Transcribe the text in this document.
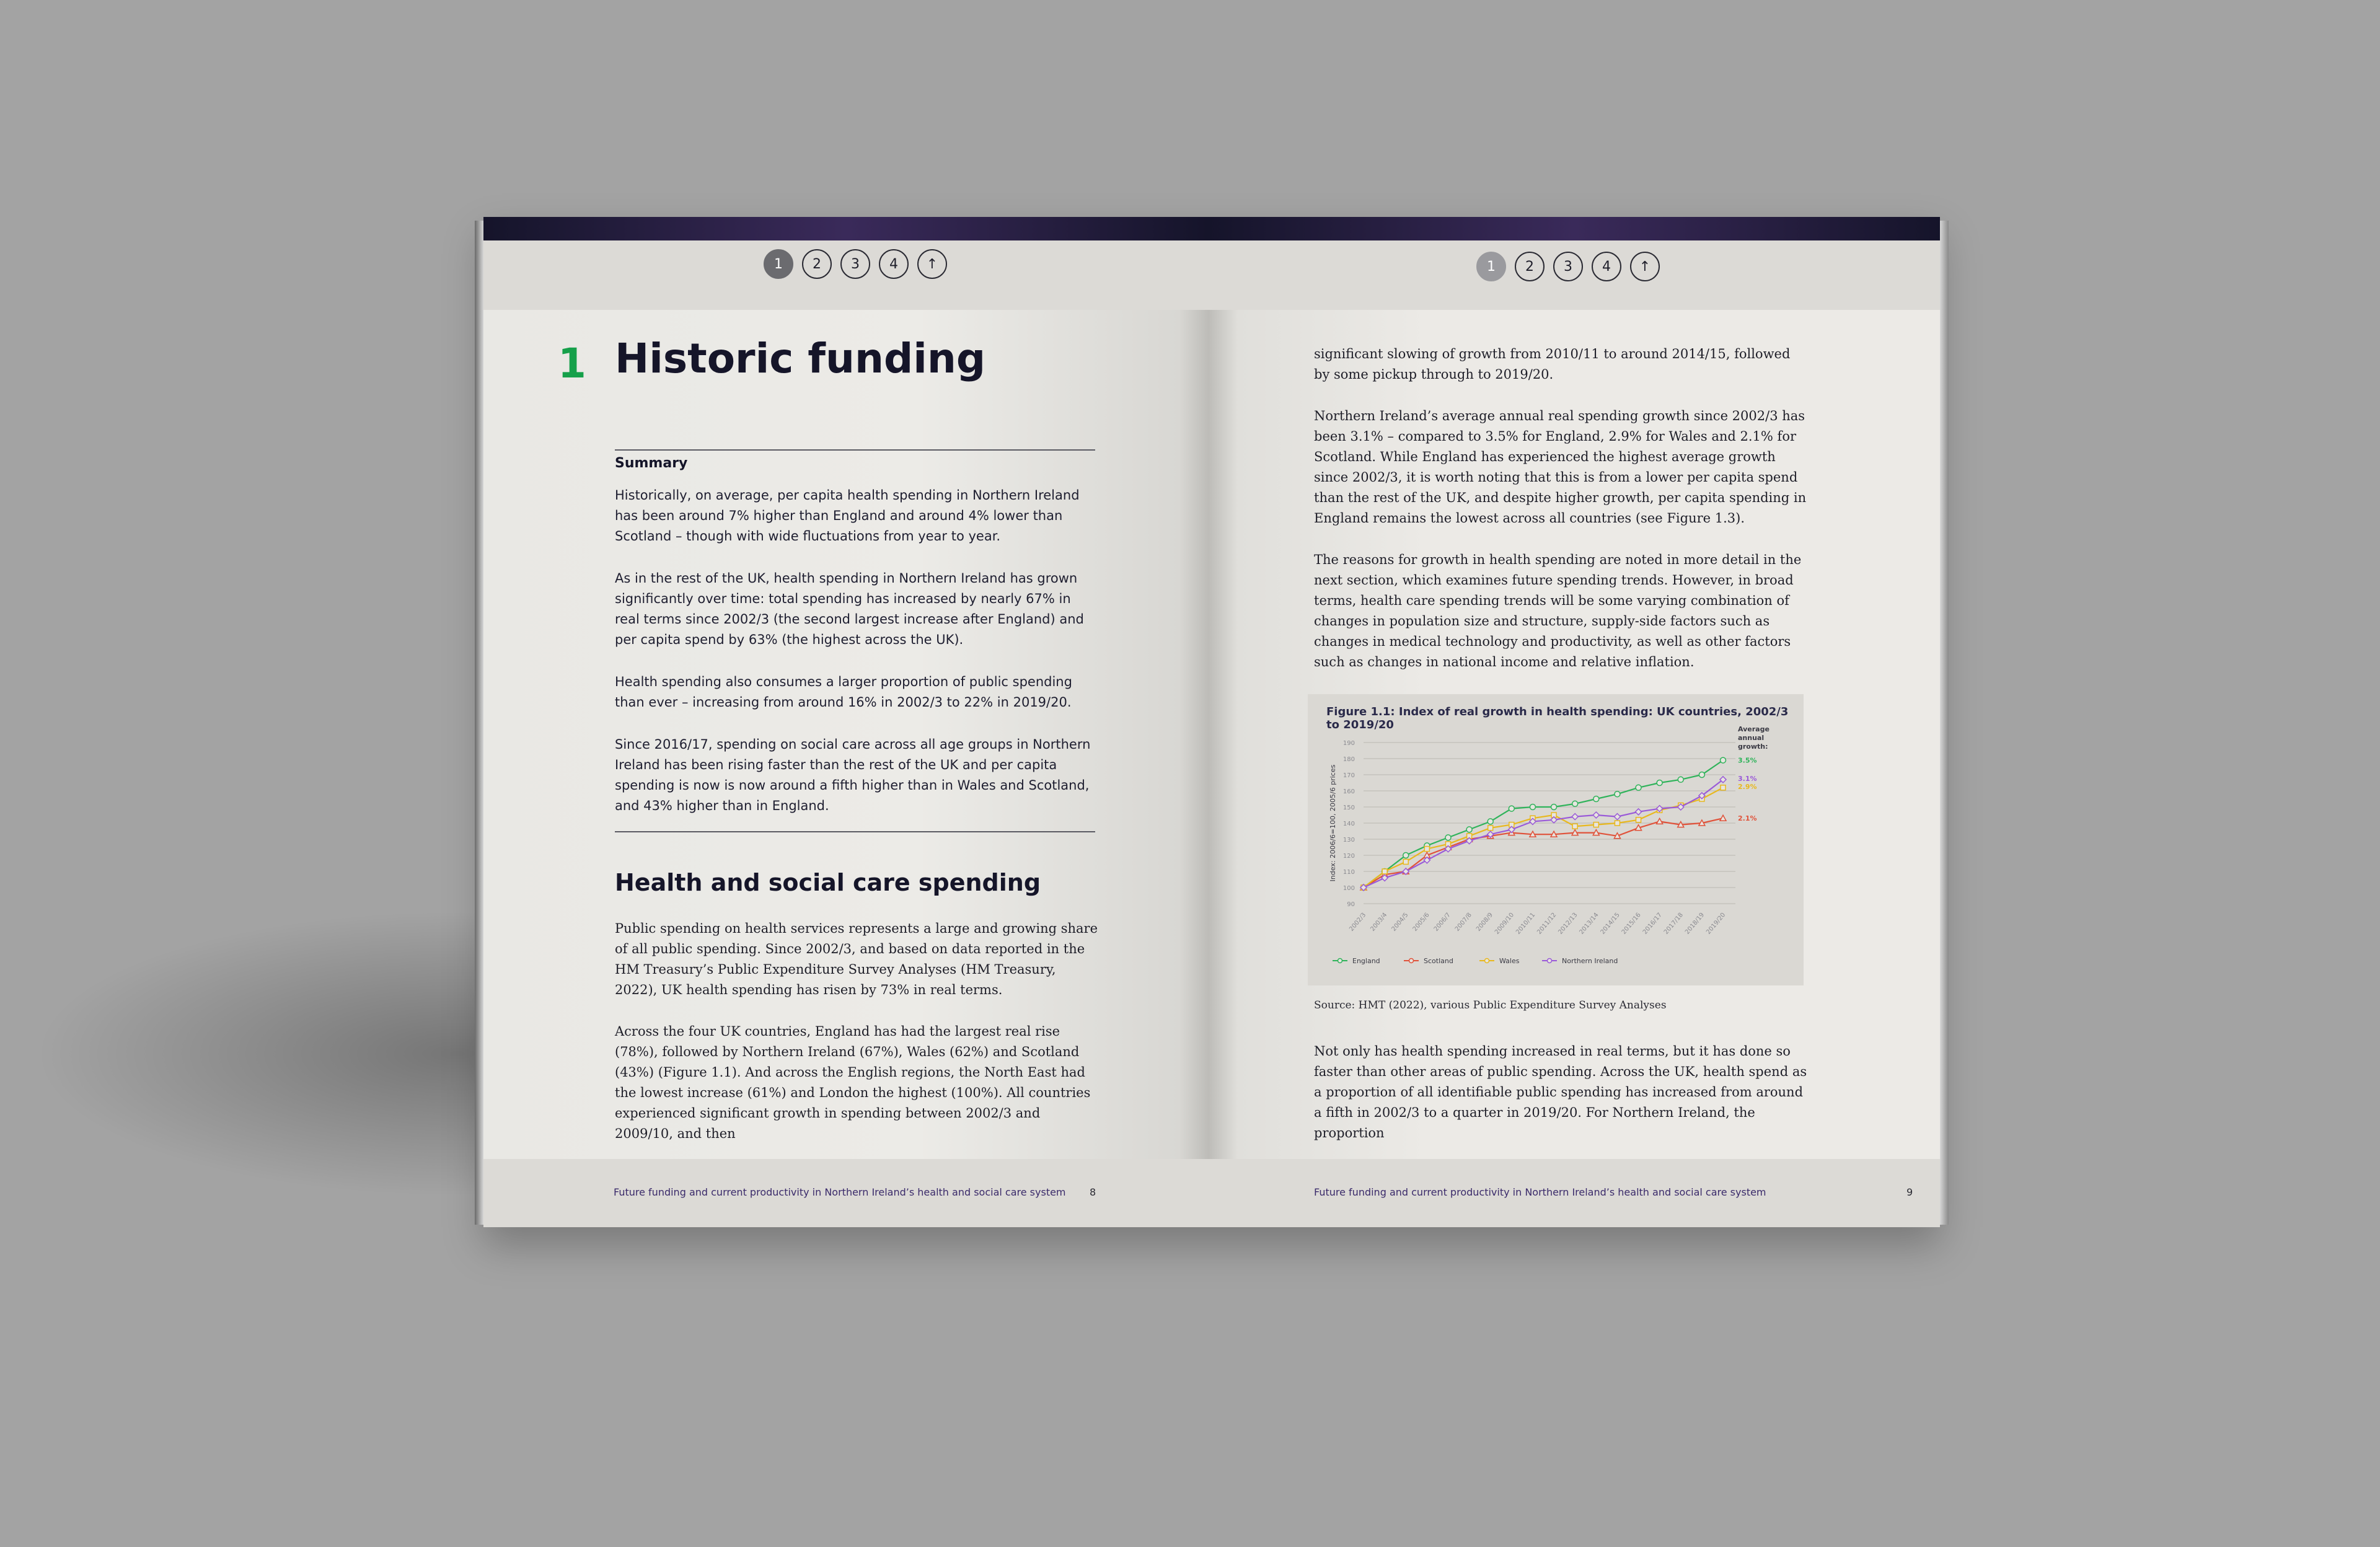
1	2	3	4	↑
1 Historic funding
Summary
Historically, on average, per capita health spending in Northern Ireland has been around 7% higher than England and around 4% lower than Scotland – though with wide fluctuations from year to year.
As in the rest of the UK, health spending in Northern Ireland has grown significantly over time: total spending has increased by nearly 67% in real terms since 2002/3 (the second largest increase after England) and per capita spend by 63% (the highest across the UK).
Health spending also consumes a larger proportion of public spending than ever – increasing from around 16% in 2002/3 to 22% in 2019/20.
Since 2016/17, spending on social care across all age groups in Northern Ireland has been rising faster than the rest of the UK and per capita spending is now is now around a fifth higher than in Wales and Scotland, and 43% higher than in England.
Health and social care spending
Public spending on health services represents a large and growing share of all public spending. Since 2002/3, and based on data reported in the HM Treasury’s Public Expenditure Survey Analyses (HM Treasury, 2022), UK health spending has risen by 73% in real terms.
Across the four UK countries, England has had the largest real rise (78%), followed by Northern Ireland (67%), Wales (62%) and Scotland (43%) (Figure 1.1). And across the English regions, the North East had the lowest increase (61%) and London the highest (100%). All countries experienced significant growth in spending between 2002/3 and 2009/10, and then
Future funding and current productivity in Northern Ireland’s health and social care system 8
1	2	3	4	↑
significant slowing of growth from 2010/11 to around 2014/15, followed by some pickup through to 2019/20.
Northern Ireland’s average annual real spending growth since 2002/3 has been 3.1% – compared to 3.5% for England, 2.9% for Wales and 2.1% for Scotland. While England has experienced the highest average growth since 2002/3, it is worth noting that this is from a lower per capita spend than the rest of the UK, and despite higher growth, per capita spending in England remains the lowest across all countries (see Figure 1.3).
The reasons for growth in health spending are noted in more detail in the next section, which examines future spending trends. However, in broad terms, health care spending trends will be some varying combination of changes in population size and structure, supply-side factors such as changes in medical technology and productivity, as well as other factors such as changes in national income and relative inflation.
Figure 1.1: Index of real growth in health spending: UK countries, 2002/3 to 2019/20
90
100
110
120
130
140
150
160
170
180
190
Index: 2006/6=100, 2005/6 prices
2002/3 2003/4 2004/5 2005/6 2006/7 2007/8 2008/9
2009/10
2010/11
2011/12
2012/13
2013/14
2014/15
2015/16
2016/17
2017/18
2018/19
2019/20
Average
annual
growth:
3.5%
2.1%
2.9%
3.1%
England	Scotland	Wales	Northern Ireland
Source: HMT (2022), various Public Expenditure Survey Analyses
Not only has health spending increased in real terms, but it has done so faster than other areas of public spending. Across the UK, health spend as a proportion of all identifiable public spending has increased from around a fifth in 2002/3 to a quarter in 2019/20. For Northern Ireland, the proportion
Future funding and current productivity in Northern Ireland’s health and social care system	9
